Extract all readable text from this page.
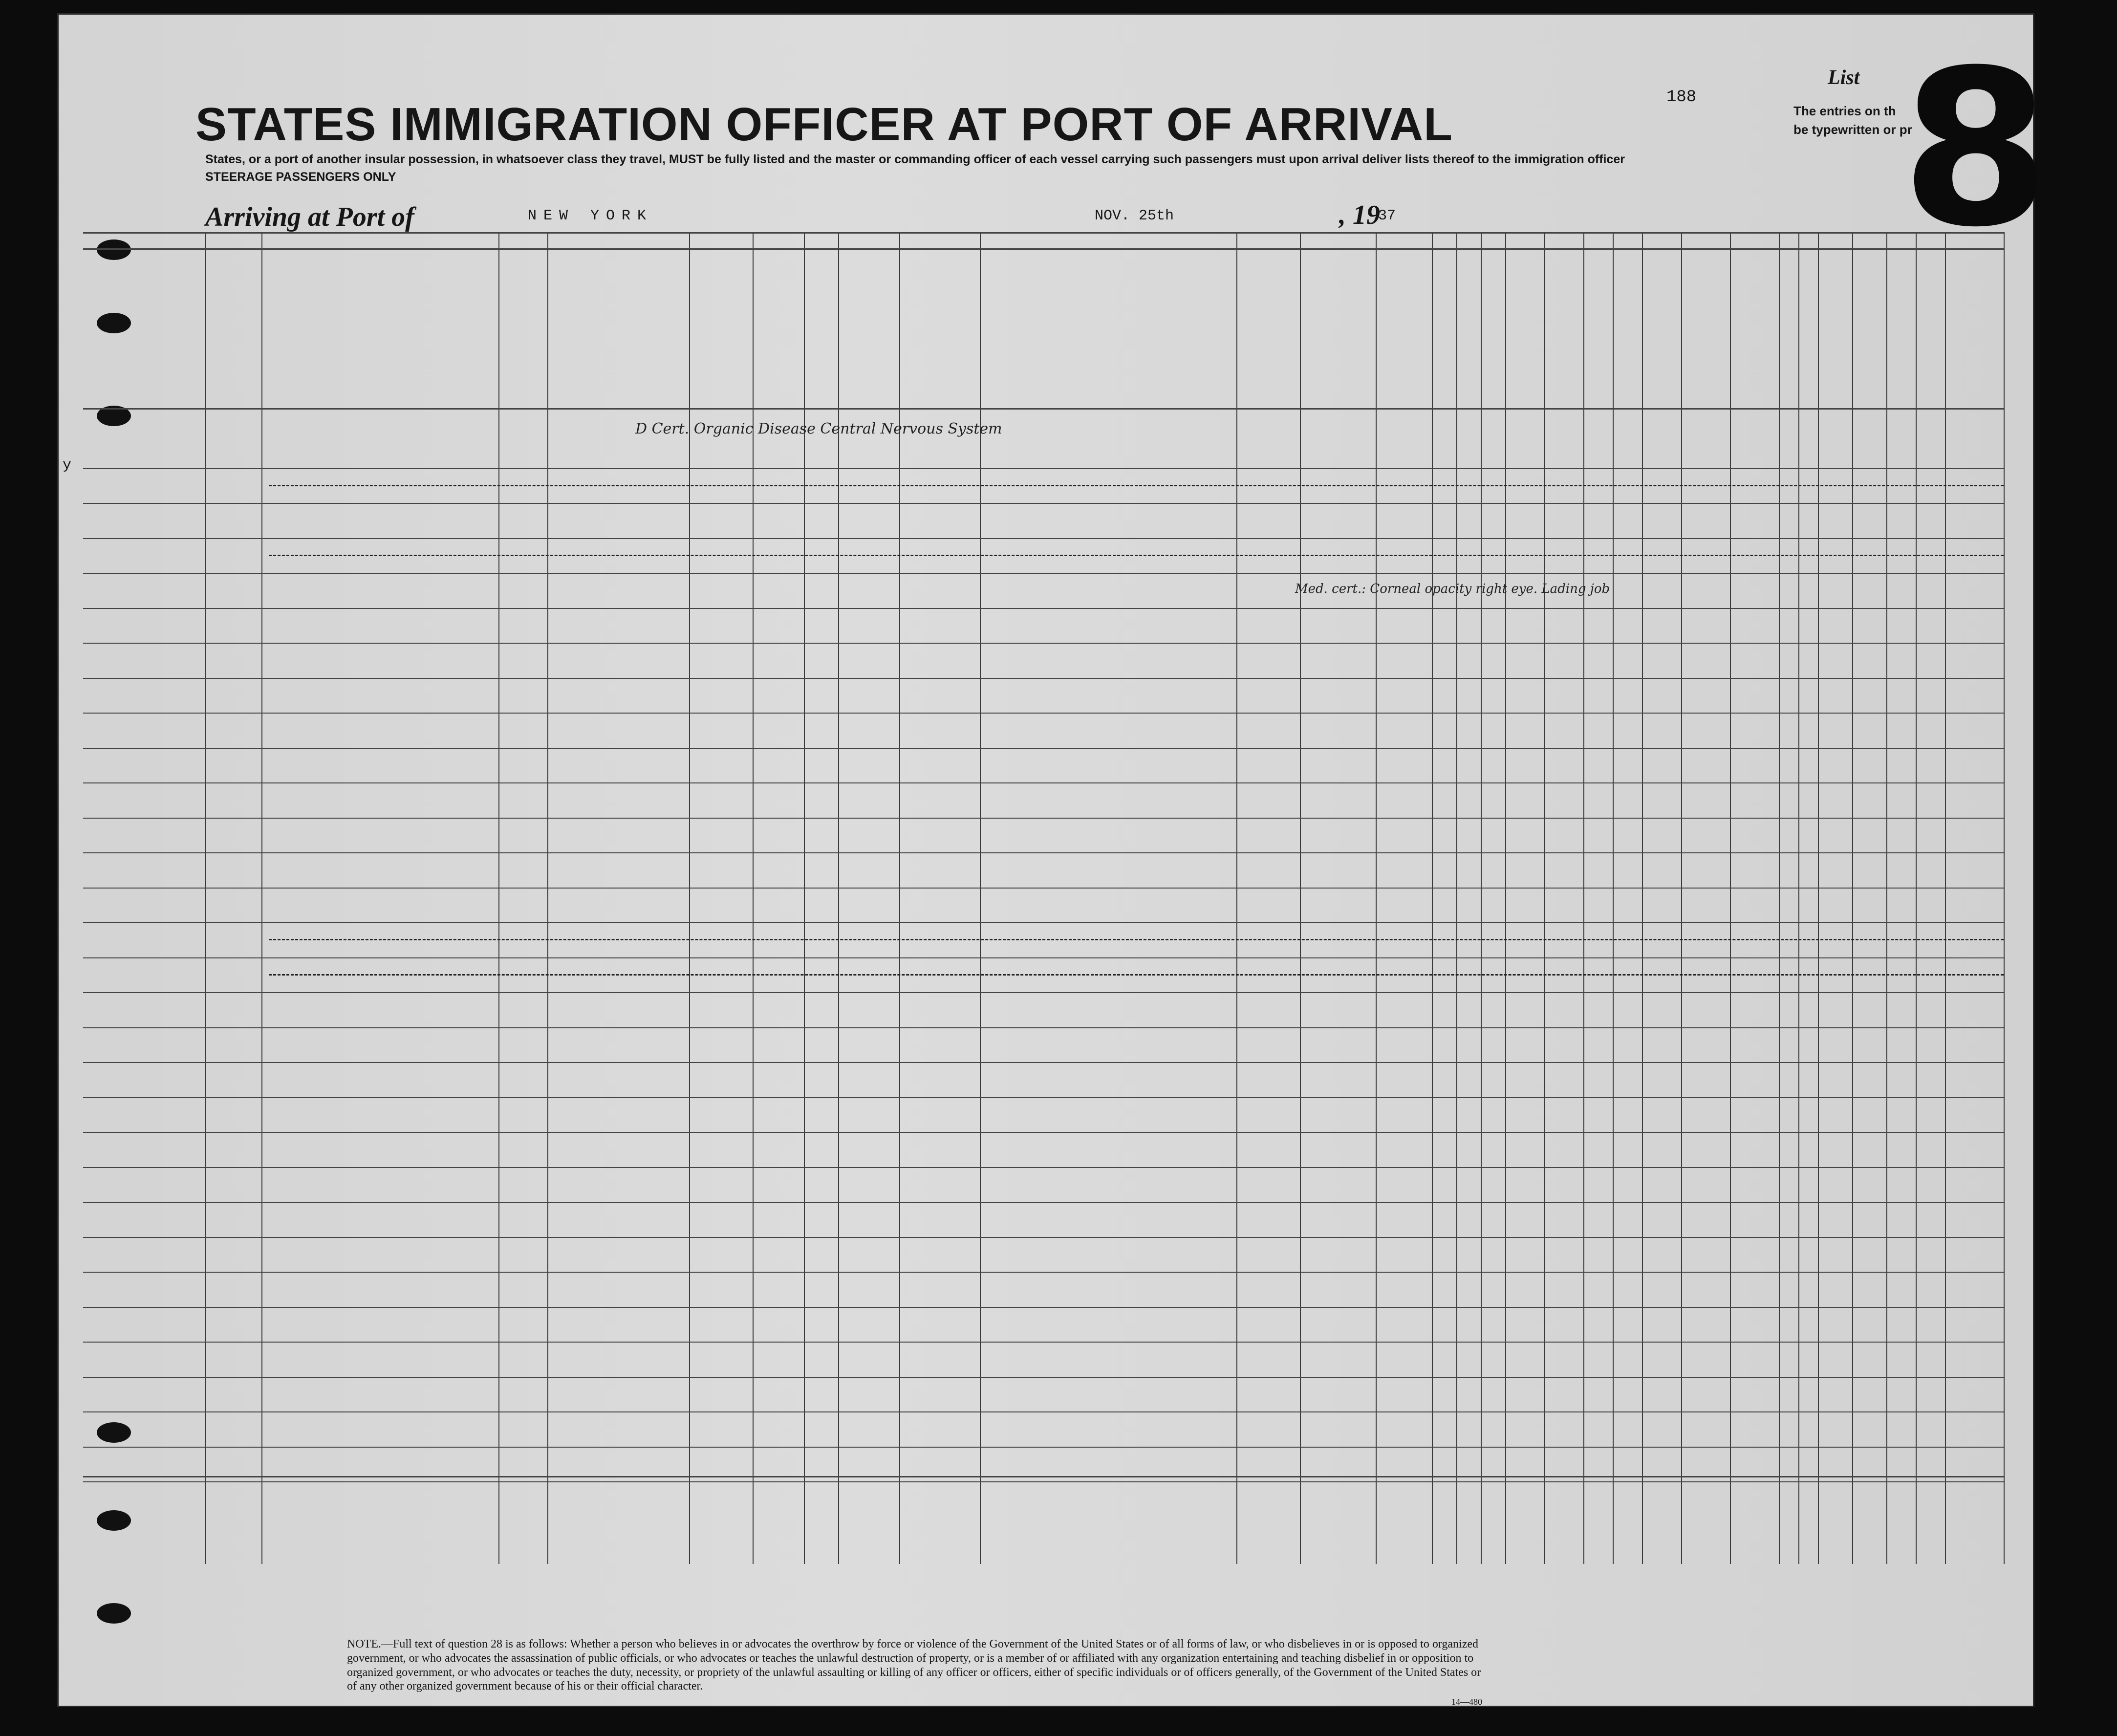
8
STATES IMMIGRATION OFFICER AT PORT OF ARRIVAL
States, or a port of another insular possession, in whatsoever class they travel, MUST be fully listed and the master or commanding officer of each vessel carrying such passengers must upon arrival deliver lists thereof to the immigration officer
STEERAGE PASSENGERS ONLY
Arriving at Port of	NEW YORK	NOV. 25th	, 19
37
188
List
The entries on th
be typewritten or pr
y
D Cert. Organic Disease Central Nervous System
Med. cert.: Corneal opacity right eye. Lading job
NOTE.—Full text of question 28 is as follows: Whether a person who believes in or advocates the overthrow by force or violence of the Government of the United States or of all forms of law, or who disbelieves in or is opposed to organized government, or who advocates the assassination of public officials, or who advocates or teaches the unlawful destruction of property, or is a member of or affiliated with any organization entertaining and teaching disbelief in or opposition to organized government, or who advocates or teaches the duty, necessity, or propriety of the unlawful assaulting or killing of any officer or officers, either of specific individuals or of officers generally, of the Government of the United States or of any other organized government because of his or their official character.
14—480
